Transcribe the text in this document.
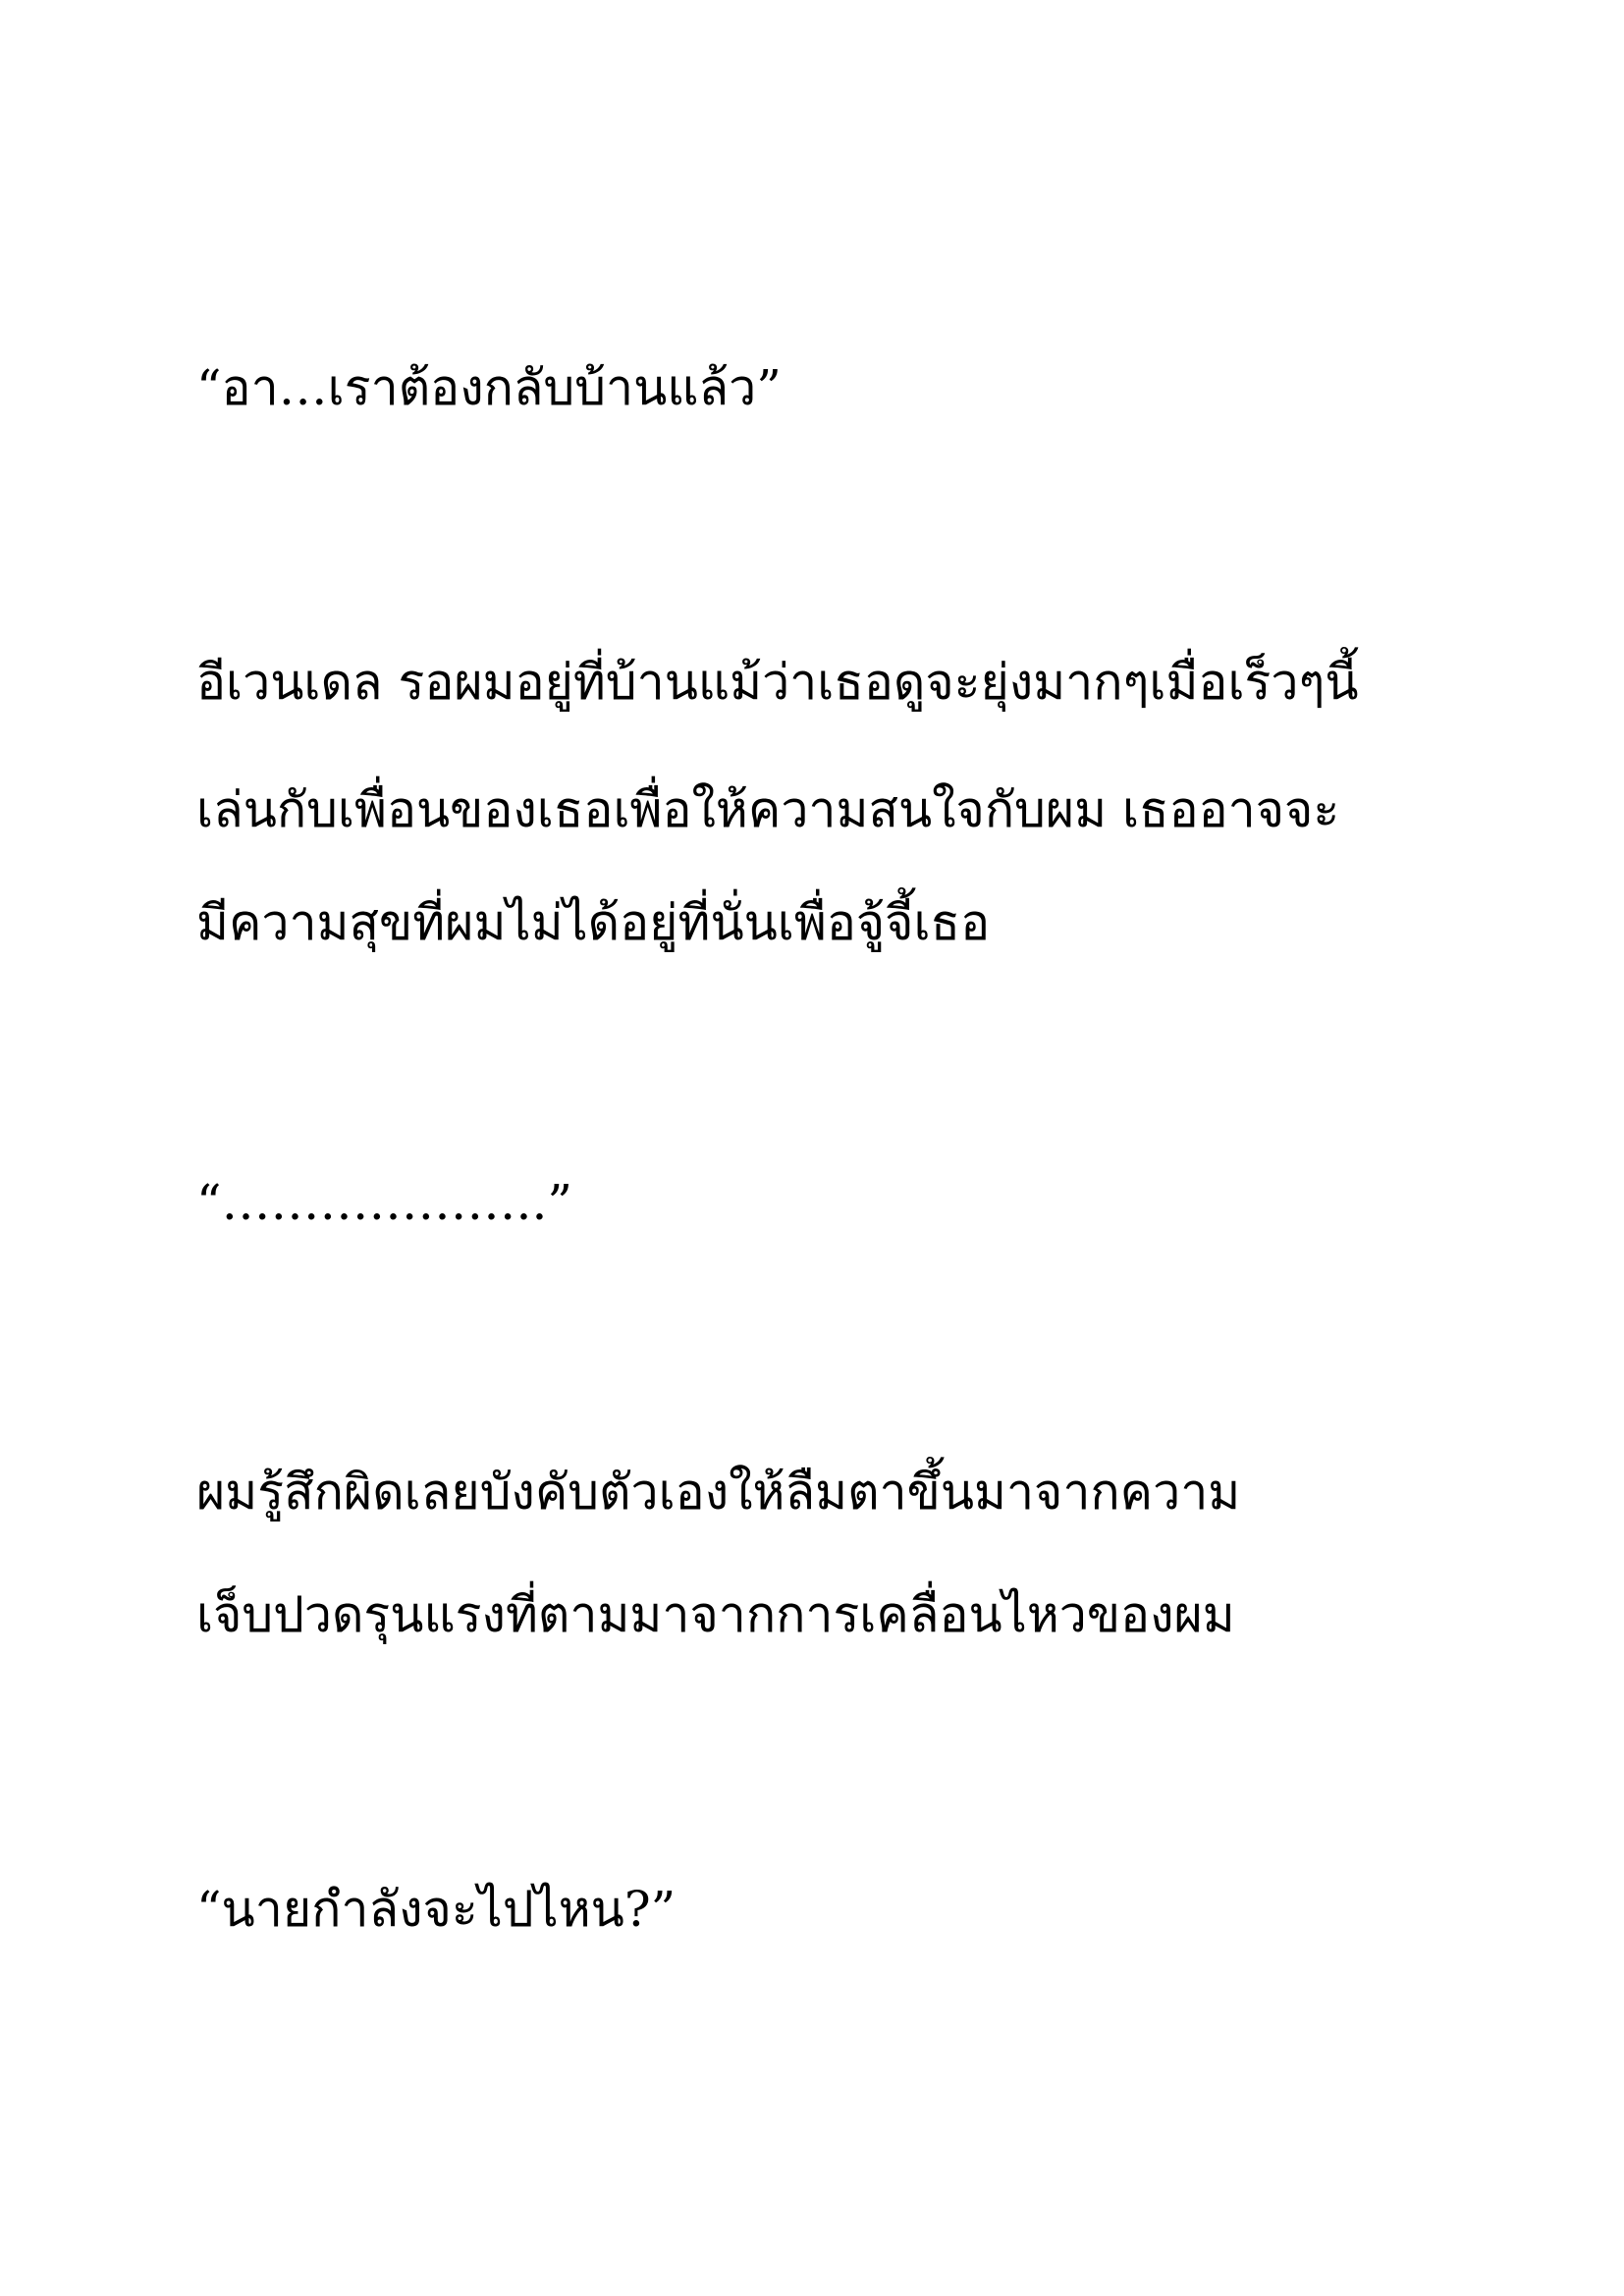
“อา…เราต้องกลับบ้านแล้ว”

อีเวนเดล รอผมอยู่ที่บ้านแม้ว่าเธอดูจะยุ่งมากๆเมื่อเร็วๆนี้

เล่นกับเพื่อนของเธอเพื่อให้ความสนใจกับผม เธออาจจะ

มีความสุขที่ผมไม่ได้อยู่ที่นั่นเพื่อจู้จี้เธอ

“………………..”

ผมรู้สึกผิดเลยบังคับตัวเองให้ลืมตาขึ้นมาจากความ

เจ็บปวดรุนแรงที่ตามมาจากการเคลื่อนไหวของผม

“นายกำลังจะไปไหน?”
